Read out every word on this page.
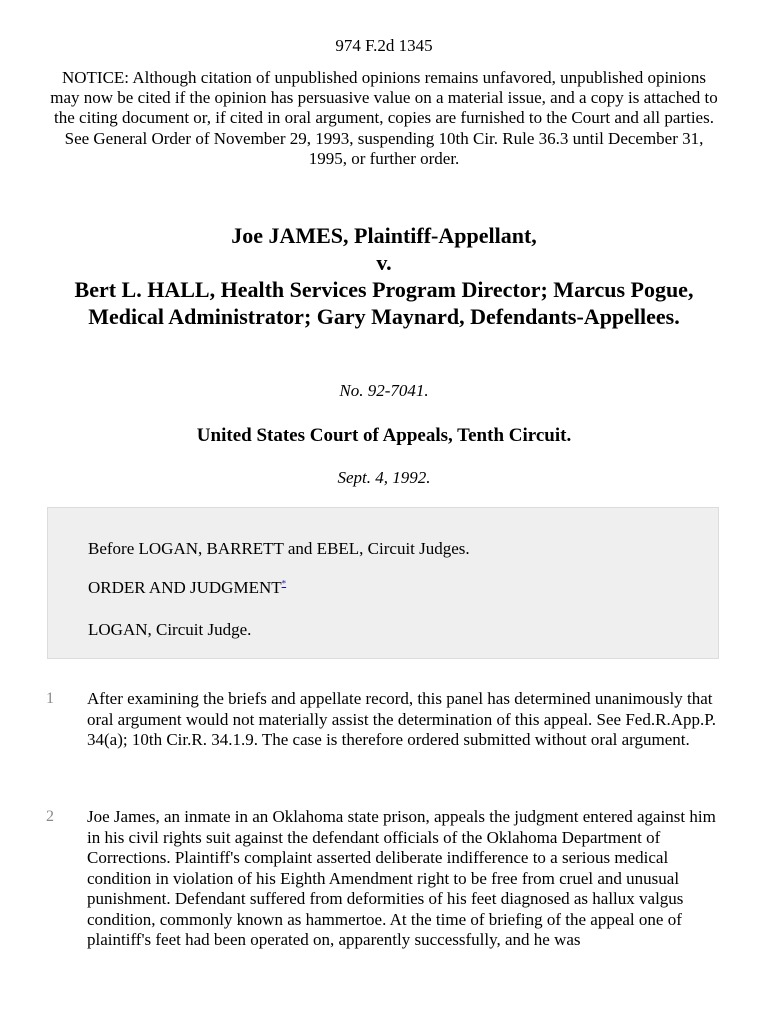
974 F.2d 1345
NOTICE: Although citation of unpublished opinions remains unfavored, unpublished opinions may now be cited if the opinion has persuasive value on a material issue, and a copy is attached to the citing document or, if cited in oral argument, copies are furnished to the Court and all parties. See General Order of November 29, 1993, suspending 10th Cir. Rule 36.3 until December 31, 1995, or further order.
Joe JAMES, Plaintiff-Appellant,
v.
Bert L. HALL, Health Services Program Director; Marcus Pogue, Medical Administrator; Gary Maynard, Defendants-Appellees.
No. 92-7041.
United States Court of Appeals, Tenth Circuit.
Sept. 4, 1992.

Before LOGAN, BARRETT and EBEL, Circuit Judges.

ORDER AND JUDGMENT*

LOGAN, Circuit Judge.

1 After examining the briefs and appellate record, this panel has determined unanimously that oral argument would not materially assist the determination of this appeal. See Fed.R.App.P. 34(a); 10th Cir.R. 34.1.9. The case is therefore ordered submitted without oral argument.

2 Joe James, an inmate in an Oklahoma state prison, appeals the judgment entered against him in his civil rights suit against the defendant officials of the Oklahoma Department of Corrections. Plaintiff's complaint asserted deliberate indifference to a serious medical condition in violation of his Eighth Amendment right to be free from cruel and unusual punishment. Defendant suffered from deformities of his feet diagnosed as hallux valgus condition, commonly known as hammertoe. At the time of briefing of the appeal one of plaintiff's feet had been operated on, apparently successfully, and he was
